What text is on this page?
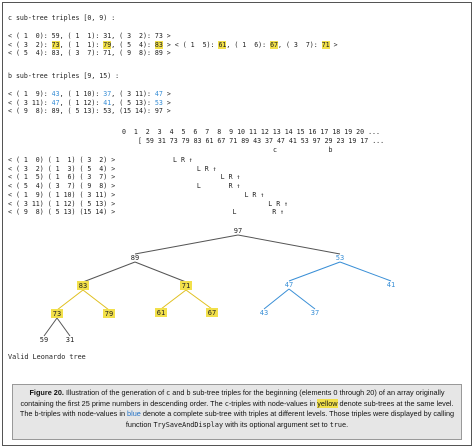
c sub-tree triples [0, 9) :
< ( 1  0): 59, ( 1  1): 31, ( 3  2): 73 >
< ( 3  2): 73, ( 1  1): 79, ( 5  4): 83 > < ( 1  5): 61, ( 1  6): 67, ( 3  7): 71 >
< ( 5  4): 83, ( 3  7): 71, ( 9  8): 89 >
b sub-tree triples [9, 15) :
< ( 1  9): 43, ( 1 10): 37, ( 3 11): 47 >
< ( 3 11): 47, ( 1 12): 41, ( 5 13): 53 >
< ( 9  8): 89, ( 5 13): 53, (15 14): 97 >
0  1  2  3  4  5  6  7  8  9 10 11 12 13 14 15 16 17 18 19 20 ...
[ 59 31 73 79 83 61 67 71 89 43 37 47 41 53 97 29 23 19 17 ...
c             b
< ( 1  0) ( 1  1) ( 3  2) >
< ( 3  2) ( 1  3) ( 5  4) >
< ( 1  5) ( 1  6) ( 3  7) >
< ( 5  4) ( 3  7) ( 9  8) >
< ( 1  9) ( 1 10) ( 3 11) >
< ( 3 11) ( 1 12) ( 5 13) >
< ( 9  8) ( 5 13) (15 14) >
L R ↑
L R ↑
L R ↑
L       R ↑
L R ↑
L R ↑
L         R ↑
97
89	53
83	71	47	41
73	79	61	67	43	37
59	31
Valid Leonardo tree
Figure 20. Illustration of the generation of c and b sub-tree triples for the beginning (elements 0 through 20) of an array originally containing the first 25 prime numbers in descending order. The c-triples with node-values in yellow denote sub-trees at the same level. The b-triples with node-values in blue denote a complete sub-tree with triples at different levels. Those triples were displayed by calling function TrySaveAndDisplay with its optional argument set to true.
